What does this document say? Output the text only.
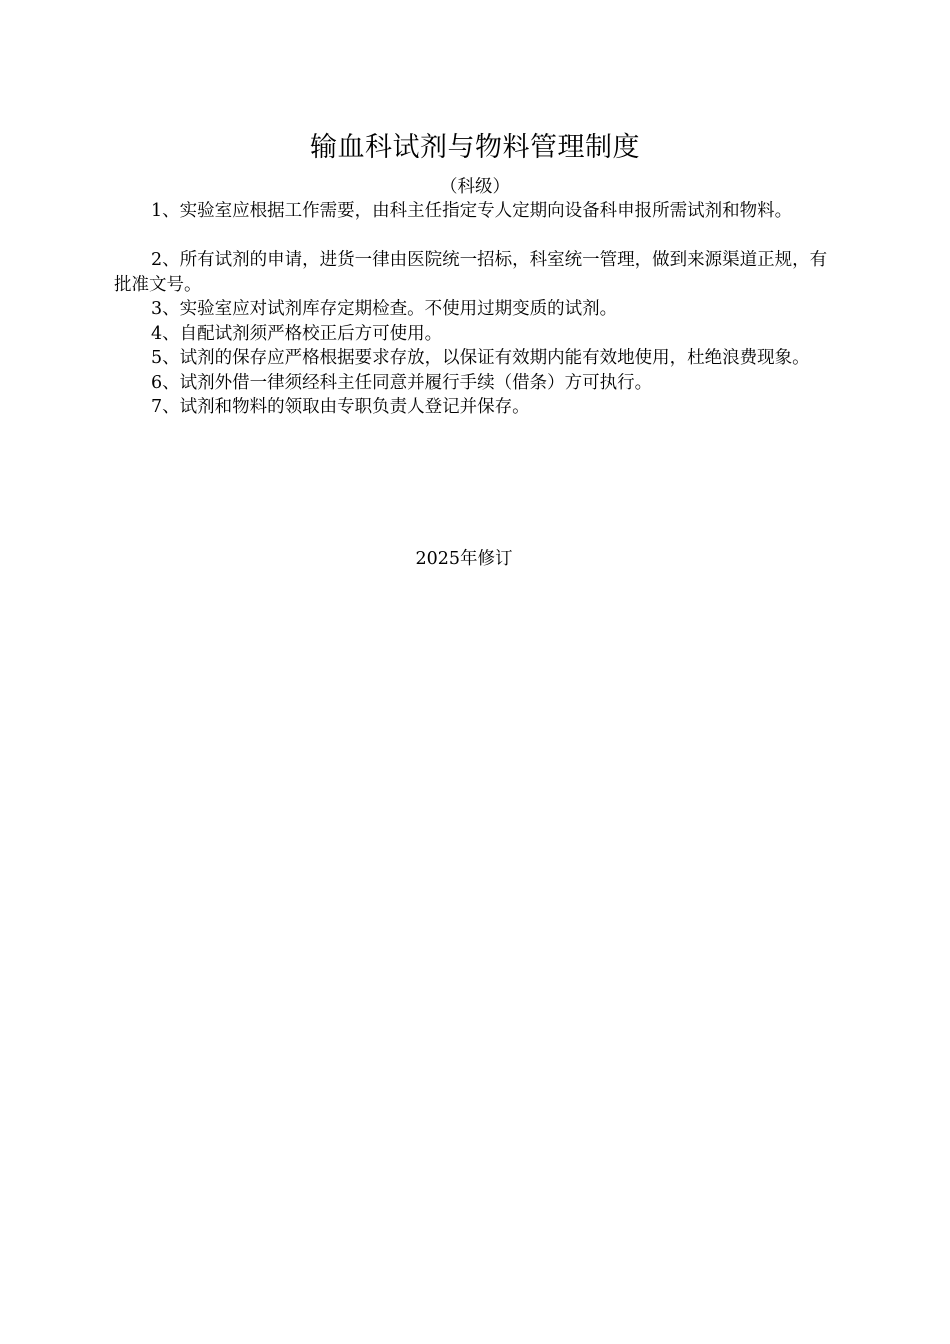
输血科试剂与物料管理制度
（科级）

1、实验室应根据工作需要，由科主任指定专人定期向设备科申报所需试剂和物料。

2、所有试剂的申请，进货一律由医院统一招标，科室统一管理，做到来源渠道正规，有批准文号。

3、实验室应对试剂库存定期检查。不使用过期变质的试剂。

4、自配试剂须严格校正后方可使用。

5、试剂的保存应严格根据要求存放，以保证有效期内能有效地使用，杜绝浪费现象。

6、试剂外借一律须经科主任同意并履行手续（借条）方可执行。

7、试剂和物料的领取由专职负责人登记并保存。

2025年修订
